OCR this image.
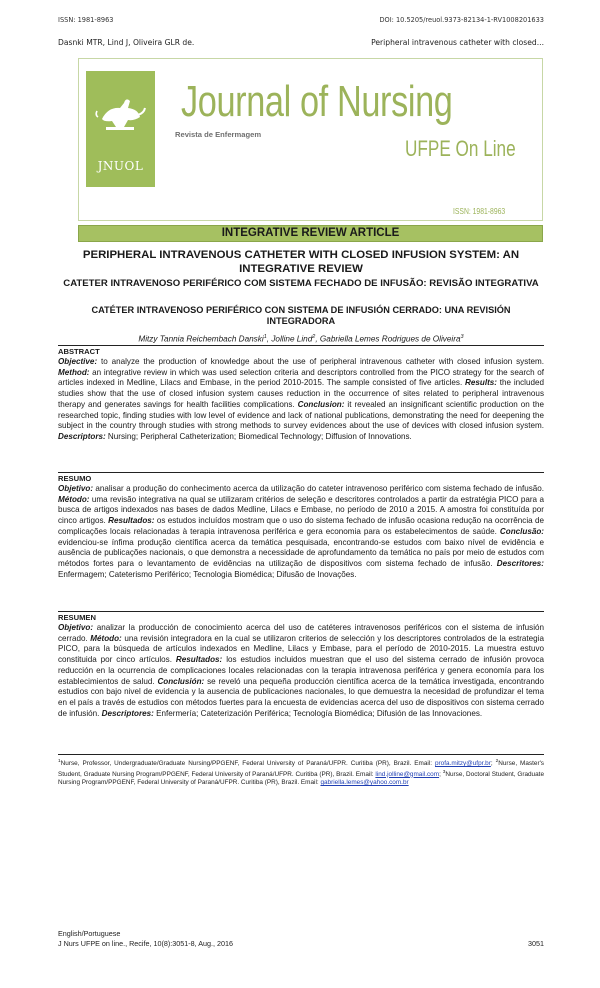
ISSN: 1981-8963	DOI: 10.5205/reuol.9373-82134-1-RV1008201633
Dasnki MTR, Lind J, Oliveira GLR de.	Peripheral intravenous catheter with closed...
JNUOL
Journal of Nursing
Revista de Enfermagem
UFPE On Line
ISSN: 1981-8963
INTEGRATIVE REVIEW ARTICLE
PERIPHERAL INTRAVENOUS CATHETER WITH CLOSED INFUSION SYSTEM: AN INTEGRATIVE REVIEW
CATETER INTRAVENOSO PERIFÉRICO COM SISTEMA FECHADO DE INFUSÃO: REVISÃO INTEGRATIVA
CATÉTER INTRAVENOSO PERIFÉRICO CON SISTEMA DE INFUSIÓN CERRADO: UNA REVISIÓN INTEGRADORA
Mitzy Tannia Reichembach Danski$^1$, Jolline Lind$^2$, Gabriella Lemes Rodrigues de Oliveira$^3$
ABSTRACT
Objective: to analyze the production of knowledge about the use of peripheral intravenous catheter with closed infusion system. Method: an integrative review in which was used selection criteria and descriptors controlled from the PICO strategy for the search of articles indexed in Medline, Lilacs and Embase, in the period 2010-2015. The sample consisted of five articles. Results: the included studies show that the use of closed infusion system causes reduction in the occurrence of sites related to peripheral intravenous therapy and generates savings for health facilities complications. Conclusion: it revealed an insignificant scientific production on the researched topic, finding studies with low level of evidence and lack of national publications, demonstrating the need for deepening the subject in the country through studies with strong methods to survey evidences about the use of devices with closed infusion system. Descriptors: Nursing; Peripheral Catheterization; Biomedical Technology; Diffusion of Innovations.
RESUMO
Objetivo: analisar a produção do conhecimento acerca da utilização do cateter intravenoso periférico com sistema fechado de infusão. Método: uma revisão integrativa na qual se utilizaram critérios de seleção e descritores controlados a partir da estratégia PICO para a busca de artigos indexados nas bases de dados Medline, Lilacs e Embase, no período de 2010 a 2015. A amostra foi constituída por cinco artigos. Resultados: os estudos incluídos mostram que o uso do sistema fechado de infusão ocasiona redução na ocorrência de complicações locais relacionadas à terapia intravenosa periférica e gera economia para os estabelecimentos de saúde. Conclusão: evidenciou-se ínfima produção científica acerca da temática pesquisada, encontrando-se estudos com baixo nível de evidência e ausência de publicações nacionais, o que demonstra a necessidade de aprofundamento da temática no país por meio de estudos com métodos fortes para o levantamento de evidências na utilização de dispositivos com sistema fechado de infusão. Descritores: Enfermagem; Cateterismo Periférico; Tecnologia Biomédica; Difusão de Inovações.
RESUMEN
Objetivo: analizar la producción de conocimiento acerca del uso de catéteres intravenosos periféricos con el sistema de infusión cerrado. Método: una revisión integradora en la cual se utilizaron criterios de selección y los descriptores controlados de la estrategia PICO, para la búsqueda de artículos indexados en Medline, Lilacs y Embase, para el período de 2010-2015. La muestra estuvo constituida por cinco artículos. Resultados: los estudios incluidos muestran que el uso del sistema cerrado de infusión provoca reducción en la ocurrencia de complicaciones locales relacionadas con la terapia intravenosa periférica y genera economía para los establecimientos de salud. Conclusión: se reveló una pequeña producción científica acerca de la temática investigada, encontrando estudios con bajo nivel de evidencia y la ausencia de publicaciones nacionales, lo que demuestra la necesidad de profundizar el tema en el país a través de estudios con métodos fuertes para la encuesta de evidencias acerca del uso de dispositivos con sistema cerrado de infusión. Descriptores: Enfermería; Cateterización Periférica; Tecnología Biomédica; Difusión de las Innovaciones.
$^1$Nurse, Professor, Undergraduate/Graduate Nursing/PPGENF, Federal University of Paraná/UFPR. Curitiba (PR), Brazil. Email: profa.mitzy@ufpr.br; $^2$Nurse, Master's Student, Graduate Nursing Program/PPGENF, Federal University of Paraná/UFPR. Curitiba (PR), Brazil. Email: lind.jolline@gmail.com; $^3$Nurse, Doctoral Student, Graduate Nursing Program/PPGENF, Federal University of Paraná/UFPR. Curitiba (PR), Brazil. Email: gabriella.lemes@yahoo.com.br
English/Portuguese
J Nurs UFPE on line., Recife, 10(8):3051-8, Aug., 2016	3051
